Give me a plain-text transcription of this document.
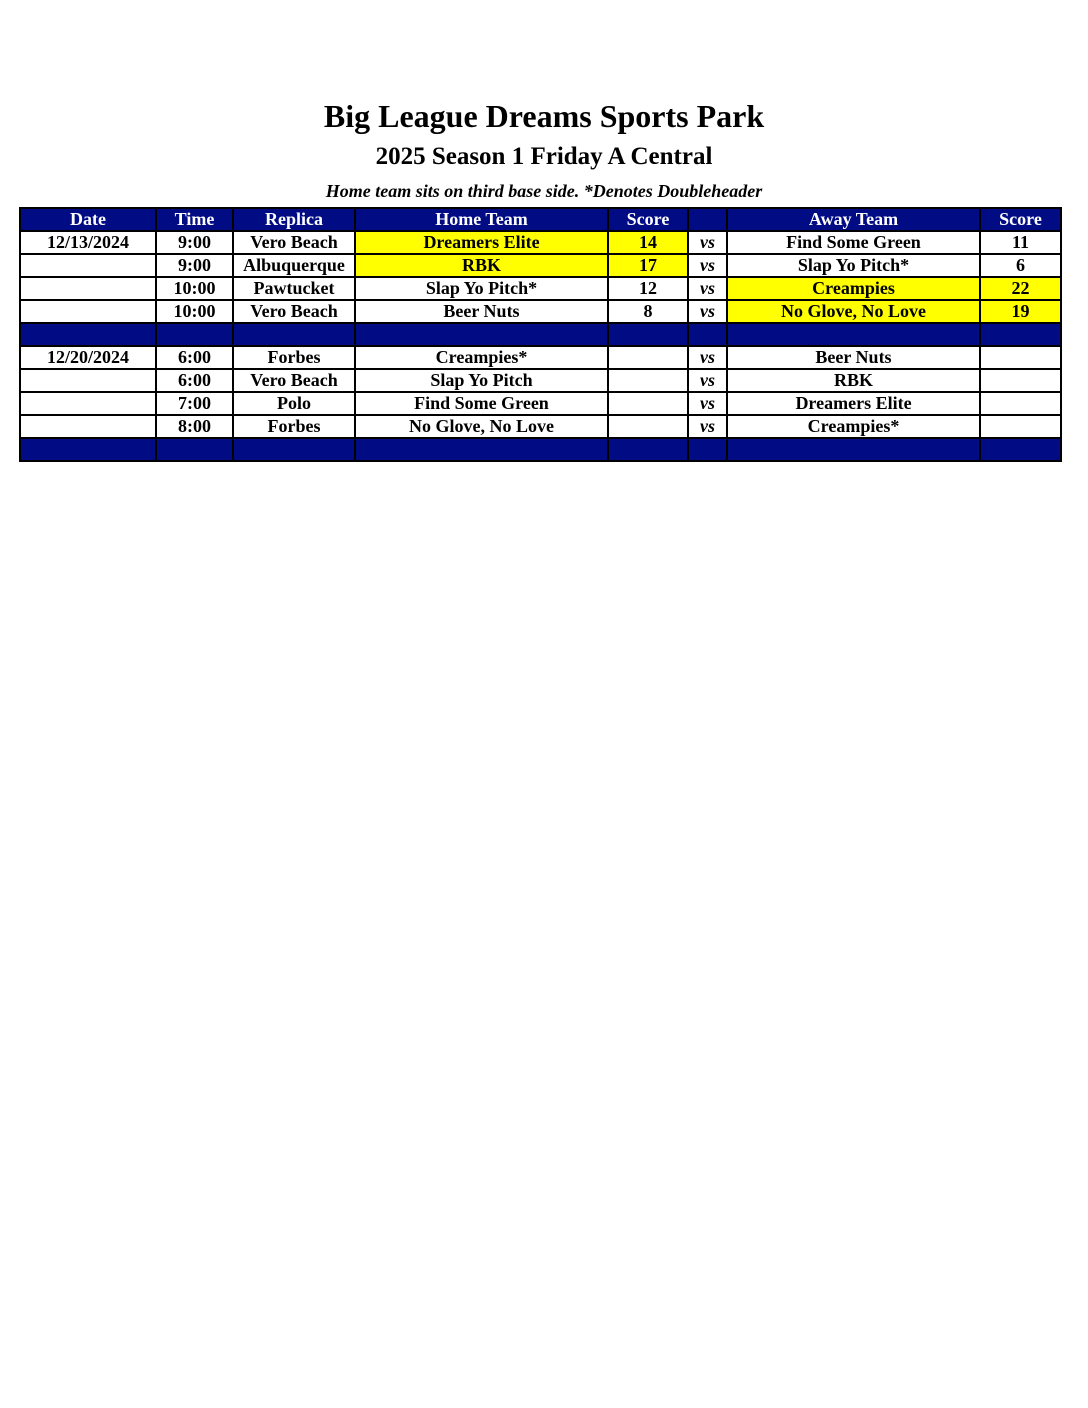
Big League Dreams Sports Park
2025 Season 1 Friday A Central
Home team sits on third base side. *Denotes Doubleheader
Date	Time	Replica	Home Team	Score		Away Team	Score
12/13/2024	9:00	Vero Beach	Dreamers Elite	14	vs	Find Some Green	11
	9:00	Albuquerque	RBK	17	vs	Slap Yo Pitch*	6
	10:00	Pawtucket	Slap Yo Pitch*	12	vs	Creampies	22
	10:00	Vero Beach	Beer Nuts	8	vs	No Glove, No Love	19

12/20/2024	6:00	Forbes	Creampies*		vs	Beer Nuts	
	6:00	Vero Beach	Slap Yo Pitch		vs	RBK	
	7:00	Polo	Find Some Green		vs	Dreamers Elite	
	8:00	Forbes	No Glove, No Love		vs	Creampies*	
